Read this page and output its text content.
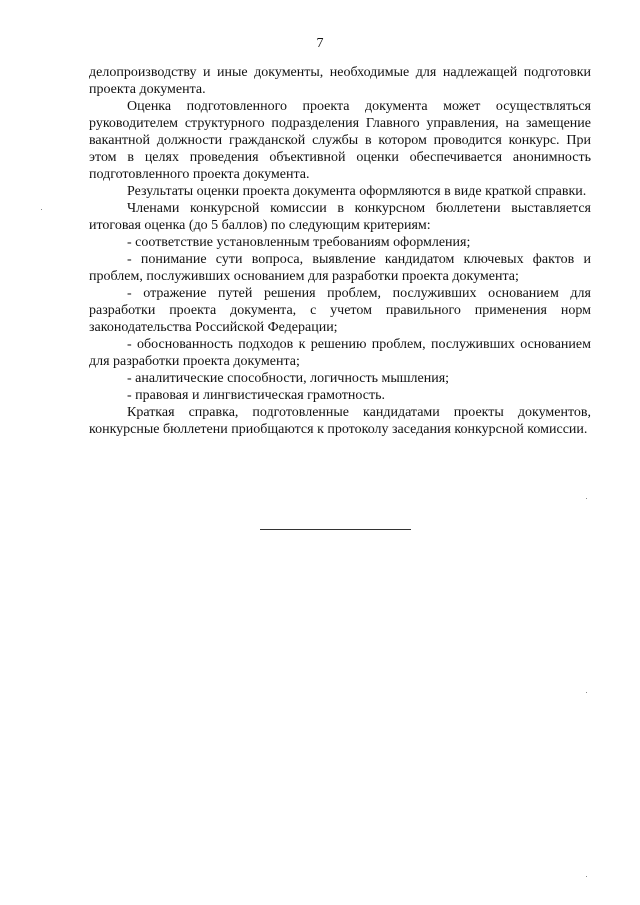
7

делопроизводству и иные документы, необходимые для надлежащей подготовки проекта документа.

Оценка подготовленного проекта документа может осуществляться руководителем структурного подразделения Главного управления, на замещение вакантной должности гражданской службы в котором проводится конкурс. При этом в целях проведения объективной оценки обеспечивается анонимность подготовленного проекта документа.

Результаты оценки проекта документа оформляются в виде краткой справки.

Членами конкурсной комиссии в конкурсном бюллетени выставляется итоговая оценка (до 5 баллов) по следующим критериям:

- соответствие установленным требованиям оформления;

- понимание сути вопроса, выявление кандидатом ключевых фактов и проблем, послуживших основанием для разработки проекта документа;

- отражение путей решения проблем, послуживших основанием для разработки проекта документа, с учетом правильного применения норм законодательства Российской Федерации;

- обоснованность подходов к решению проблем, послуживших основанием для разработки проекта документа;

- аналитические способности, логичность мышления;

- правовая и лингвистическая грамотность.

Краткая справка, подготовленные кандидатами проекты документов, конкурсные бюллетени приобщаются к протоколу заседания конкурсной комиссии.
